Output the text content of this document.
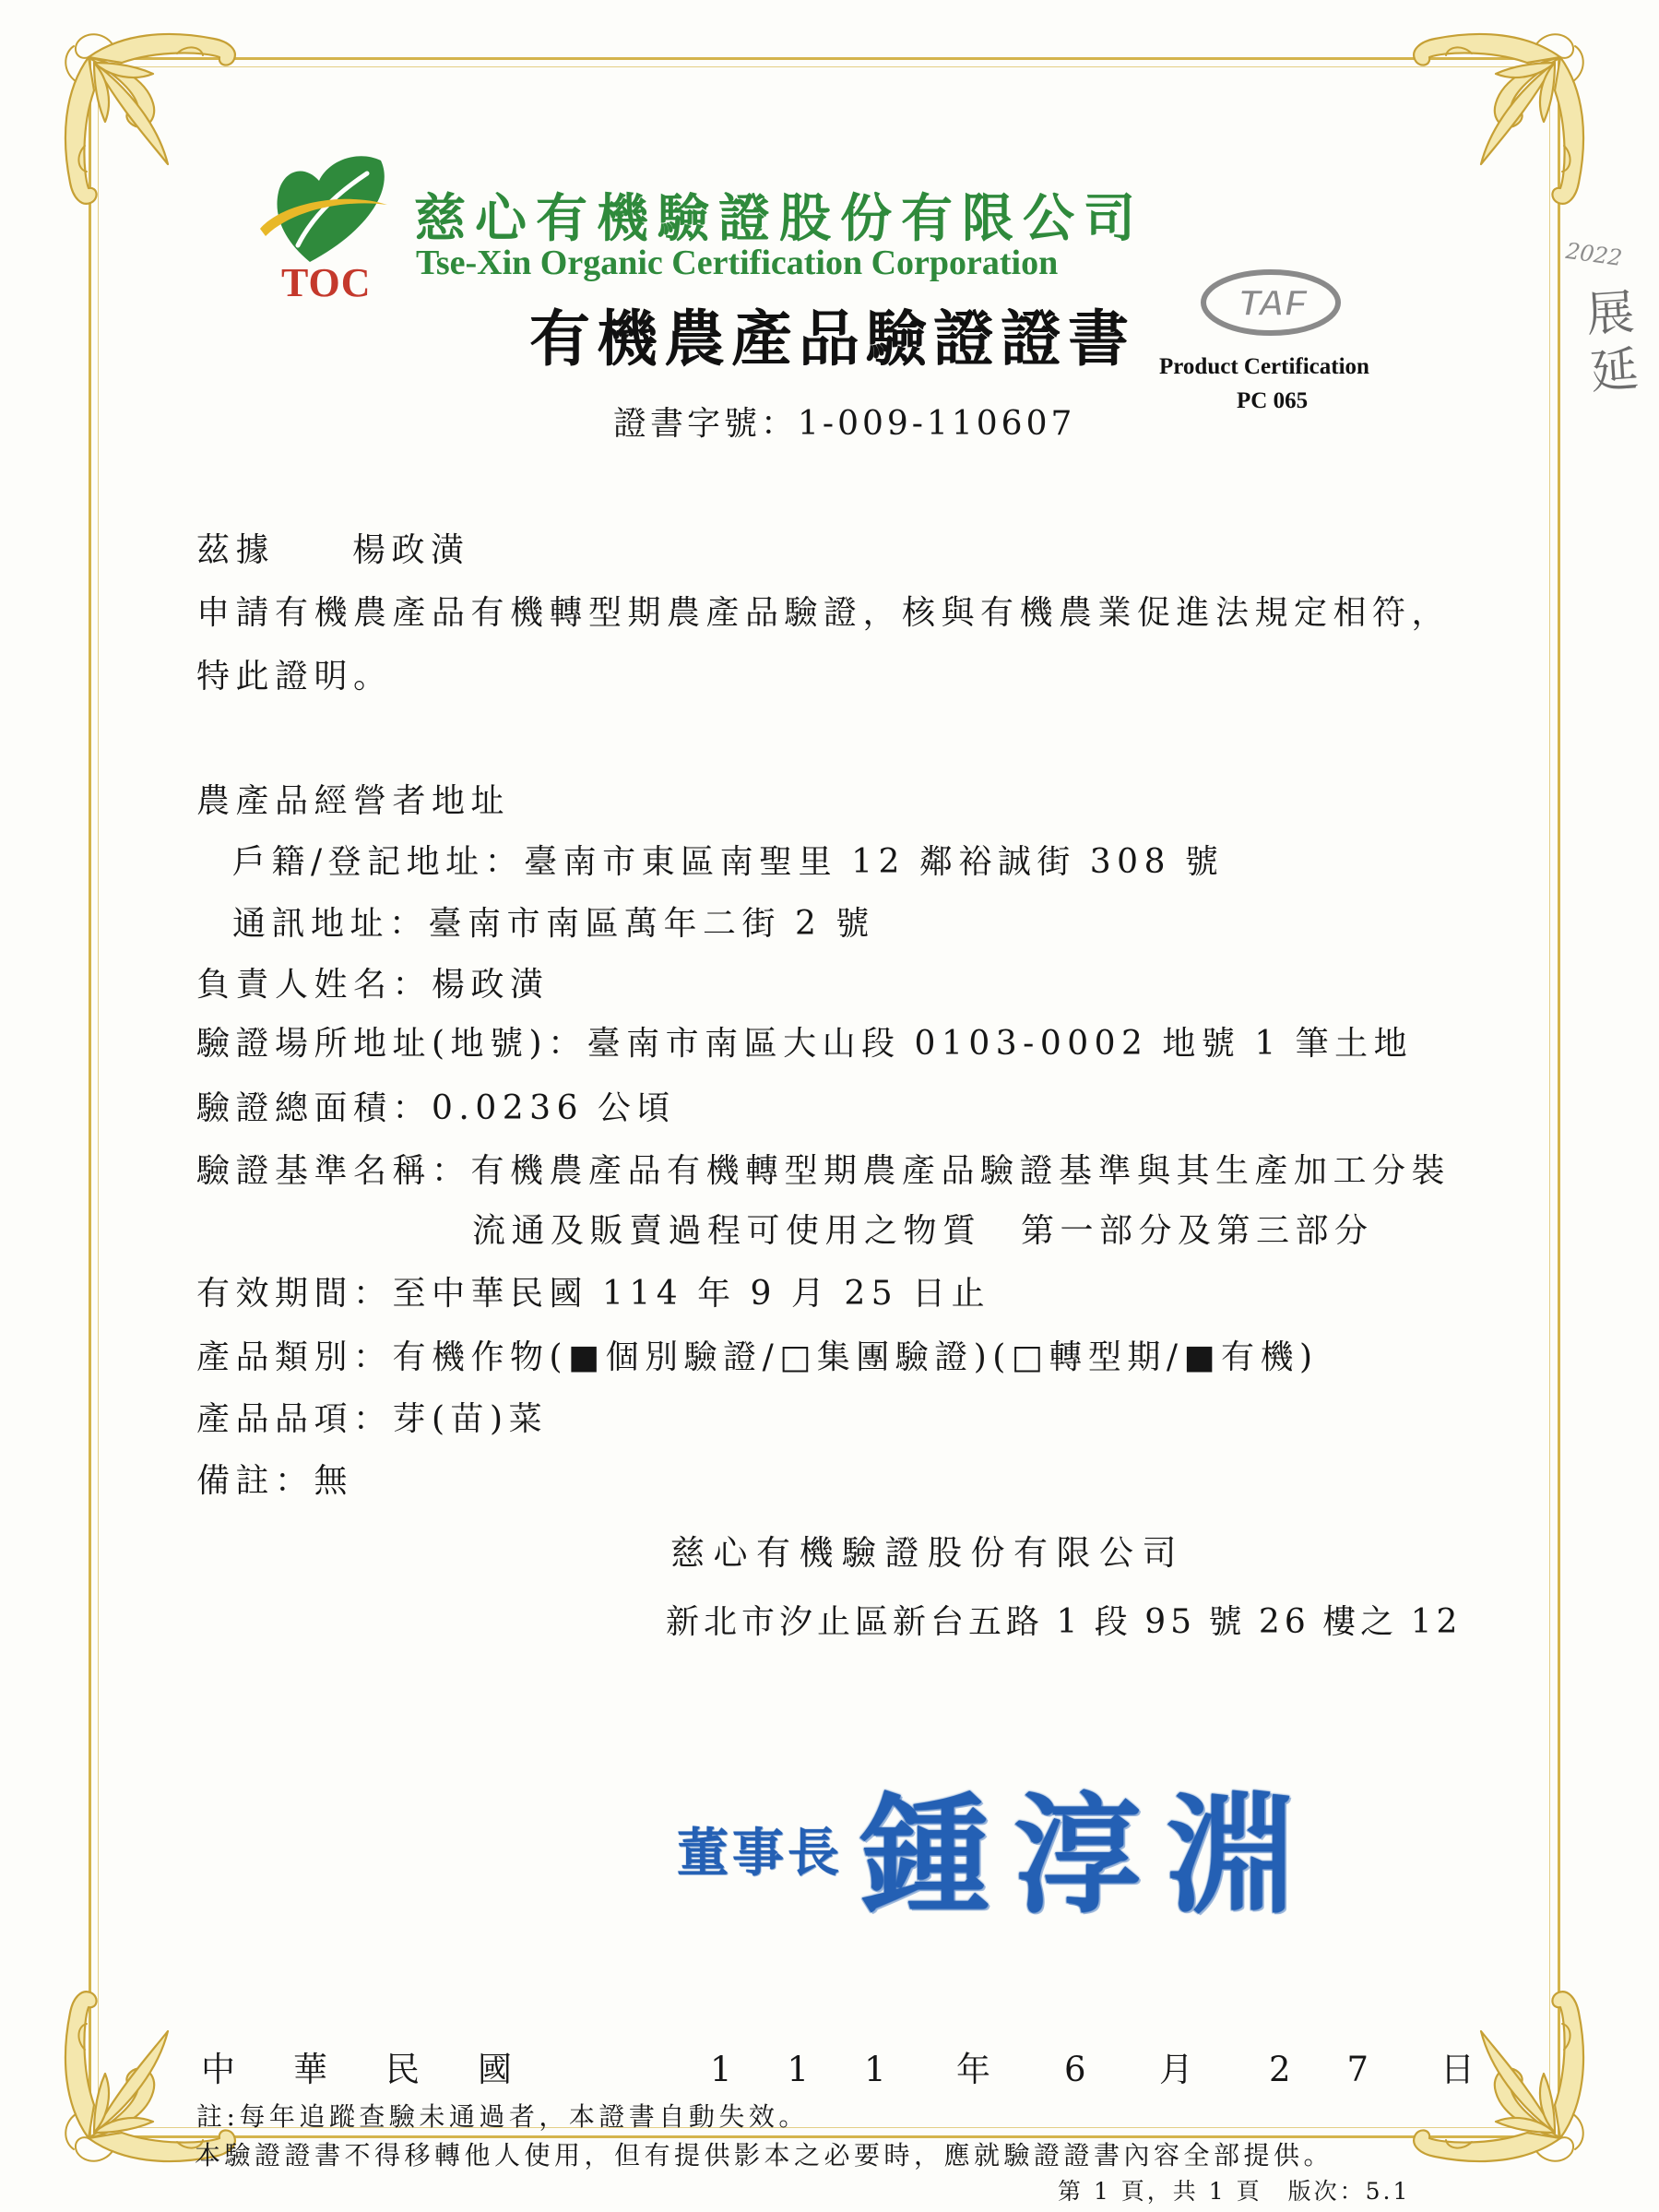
TOC
慈心有機驗證股份有限公司
Tse-Xin Organic Certification Corporation
TAF
Product Certification
PC 065
有機農產品驗證證書
證書字號：1-009-110607
茲據 楊政潢
申請有機農產品有機轉型期農產品驗證，核與有機農業促進法規定相符，
特此證明。
農產品經營者地址
戶籍/登記地址：臺南市東區南聖里 12 鄰裕誠街 308 號
通訊地址：臺南市南區萬年二街 2 號
負責人姓名：楊政潢
驗證場所地址(地號)：臺南市南區大山段 0103-0002 地號 1 筆土地
驗證總面積：0.0236 公頃
驗證基準名稱：有機農產品有機轉型期農產品驗證基準與其生產加工分裝
流通及販賣過程可使用之物質　第一部分及第三部分
有效期間：至中華民國 114 年 9 月 25 日止
產品類別：有機作物(■個別驗證/□集團驗證)(□轉型期/■有機)
產品品項：芽(苗)菜
備註：無
慈心有機驗證股份有限公司
新北市汐止區新台五路 1 段 95 號 26 樓之 12
董事長 鍾淳淵
中華民國	111 年 6 月 27 日
註:每年追蹤查驗未通過者，本證書自動失效。
本驗證證書不得移轉他人使用，但有提供影本之必要時，應就驗證證書內容全部提供。
第 1 頁，共 1 頁　版次：5.1
2022
展延
